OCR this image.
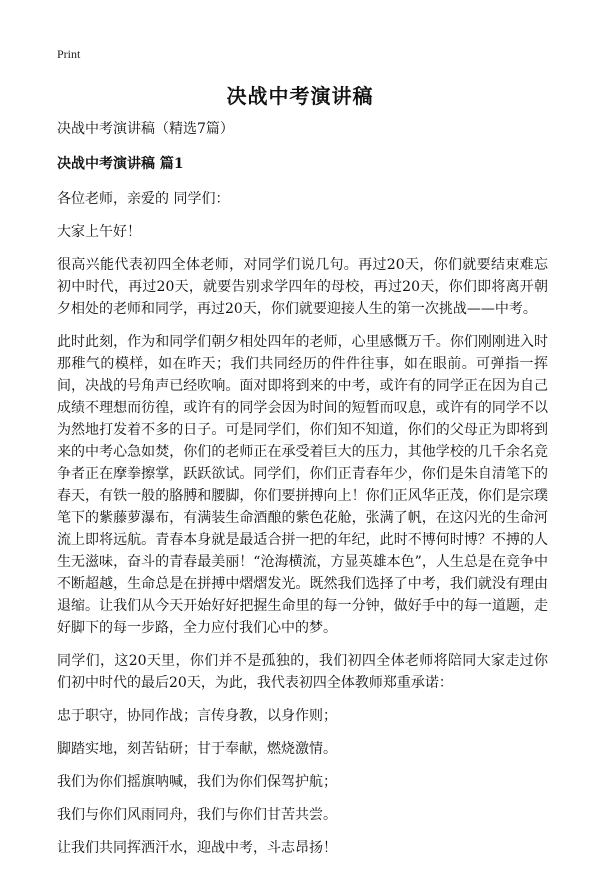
Print
决战中考演讲稿

决战中考演讲稿（精选7篇）

决战中考演讲稿 篇1

各位老师，亲爱的 同学们：

大家上午好！

很高兴能代表初四全体老师，对同学们说几句。再过20天，你们就要结束难忘初中时代，再过20天，就要告别求学四年的母校，再过20天，你们即将离开朝夕相处的老师和同学，再过20天，你们就要迎接人生的第一次挑战——中考。

此时此刻，作为和同学们朝夕相处四年的老师，心里感慨万千。你们刚刚进入时那稚气的模样，如在昨天；我们共同经历的件件往事，如在眼前。可弹指一挥间，决战的号角声已经吹响。面对即将到来的中考，或许有的同学正在因为自己成绩不理想而彷徨，或许有的同学会因为时间的短暂而叹息，或许有的同学不以为然地打发着不多的日子。可是同学们，你们知不知道，你们的父母正为即将到来的中考心急如焚，你们的老师正在承受着巨大的压力，其他学校的几千余名竞争者正在摩拳擦掌，跃跃欲试。同学们，你们正青春年少，你们是朱自清笔下的春天，有铁一般的胳膊和腰脚，你们要拼搏向上！你们正风华正茂，你们是宗璞笔下的紫藤萝瀑布，有满装生命酒酿的紫色花舱，张满了帆，在这闪光的生命河流上即将远航。青春本身就是最适合拼一把的年纪，此时不博何时博？不搏的人生无滋味，奋斗的青春最美丽！“沧海横流，方显英雄本色”，人生总是在竞争中不断超越，生命总是在拼搏中熠熠发光。既然我们选择了中考，我们就没有理由退缩。让我们从今天开始好好把握生命里的每一分钟，做好手中的每一道题，走好脚下的每一步路，全力应付我们心中的梦。

同学们，这20天里，你们并不是孤独的，我们初四全体老师将陪同大家走过你们初中时代的最后20天，为此，我代表初四全体教师郑重承诺：

忠于职守，协同作战；言传身教，以身作则；

脚踏实地，刻苦钻研；甘于奉献，燃烧激情。

我们为你们摇旗呐喊，我们为你们保驾护航；

我们与你们风雨同舟，我们与你们甘苦共尝。

让我们共同挥洒汗水，迎战中考，斗志昂扬！
